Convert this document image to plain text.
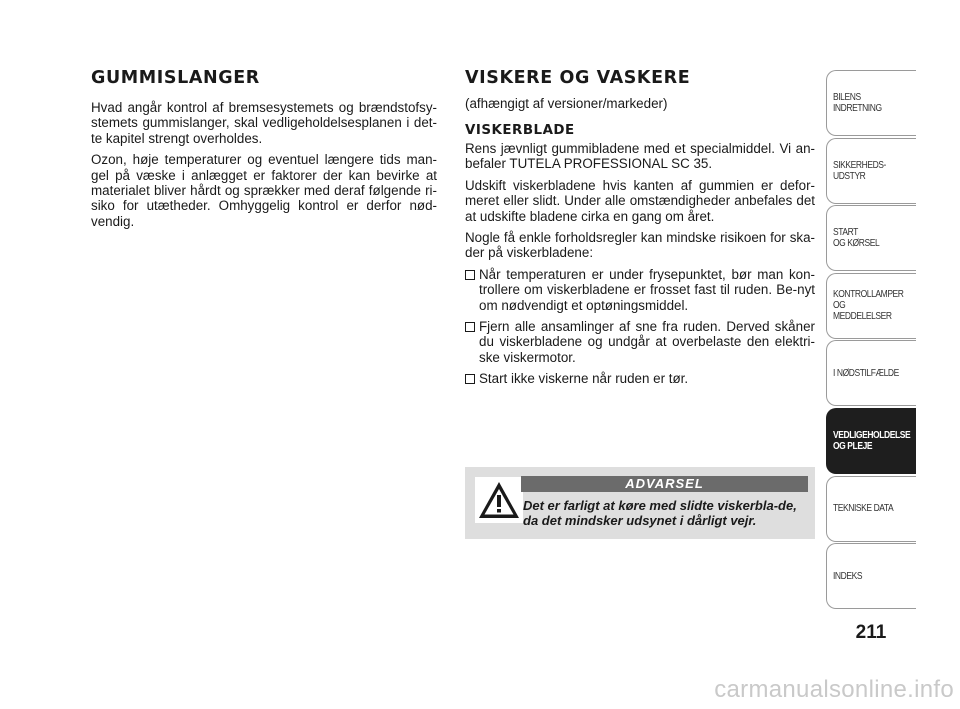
GUMMISLANGER

Hvad angår kontrol af bremsesystemets og brændstofsy-stemets gummislanger, skal vedligeholdelsesplanen i det-te kapitel strengt overholdes.

Ozon, høje temperaturer og eventuel længere tids man-gel på væske i anlægget er faktorer der kan bevirke at materialet bliver hårdt og sprækker med deraf følgende ri-siko for utætheder. Omhyggelig kontrol er derfor nød-vendig.

VISKERE OG VASKERE
(afhængigt af versioner/markeder)
VISKERBLADE

Rens jævnligt gummibladene med et specialmiddel. Vi an-befaler TUTELA PROFESSIONAL SC 35.

Udskift viskerbladene hvis kanten af gummien er defor-meret eller slidt. Under alle omstændigheder anbefales det at udskifte bladene cirka en gang om året.

Nogle få enkle forholdsregler kan mindske risikoen for ska-der på viskerbladene:

Når temperaturen er under frysepunktet, bør man kon-trollere om viskerbladene er frosset fast til ruden. Be-nyt om nødvendigt et optøningsmiddel.
Fjern alle ansamlinger af sne fra ruden. Derved skåner du viskerbladene og undgår at overbelaste den elektri-ske viskermotor.
Start ikke viskerne når ruden er tør.
ADVARSEL
Det er farligt at køre med slidte viskerbla-de, da det mindsker udsynet i dårligt vejr.
BILENS
INDRETNING
SIKKERHEDS-
UDSTYR
START
OG KØRSEL
KONTROLLAMPER
OG MEDDELELSER
I NØDSTILFÆLDE
VEDLIGEHOLDELSE
OG PLEJE
TEKNISKE DATA
INDEKS
211
carmanualsonline.info
